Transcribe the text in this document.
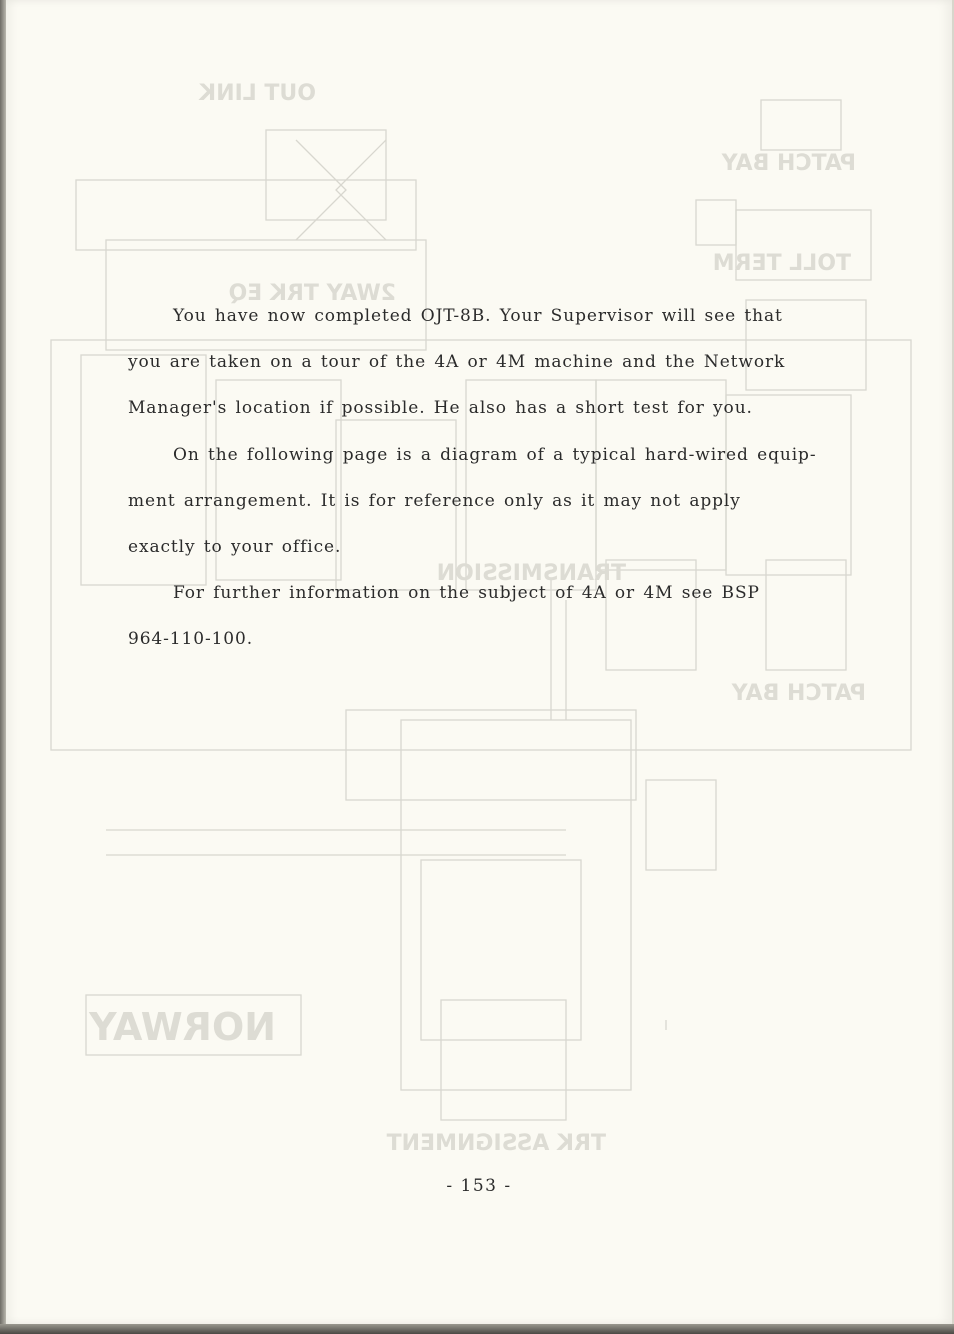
OUT LINK
PATCH BAY
2WAY TRK EQ
TOLL TERM
TRANSMISSION
PATCH BAY
TRK ASSIGNMENT
NORWAY
You have now completed OJT-8B. Your Supervisor will see that
you are taken on a tour of the 4A or 4M machine and the Network
Manager's location if possible. He also has a short test for you.
On the following page is a diagram of a typical hard-wired equip-
ment arrangement. It is for reference only as it may not apply
exactly to your office.
For further information on the subject of 4A or 4M see BSP
964-110-100.
- 153 -
